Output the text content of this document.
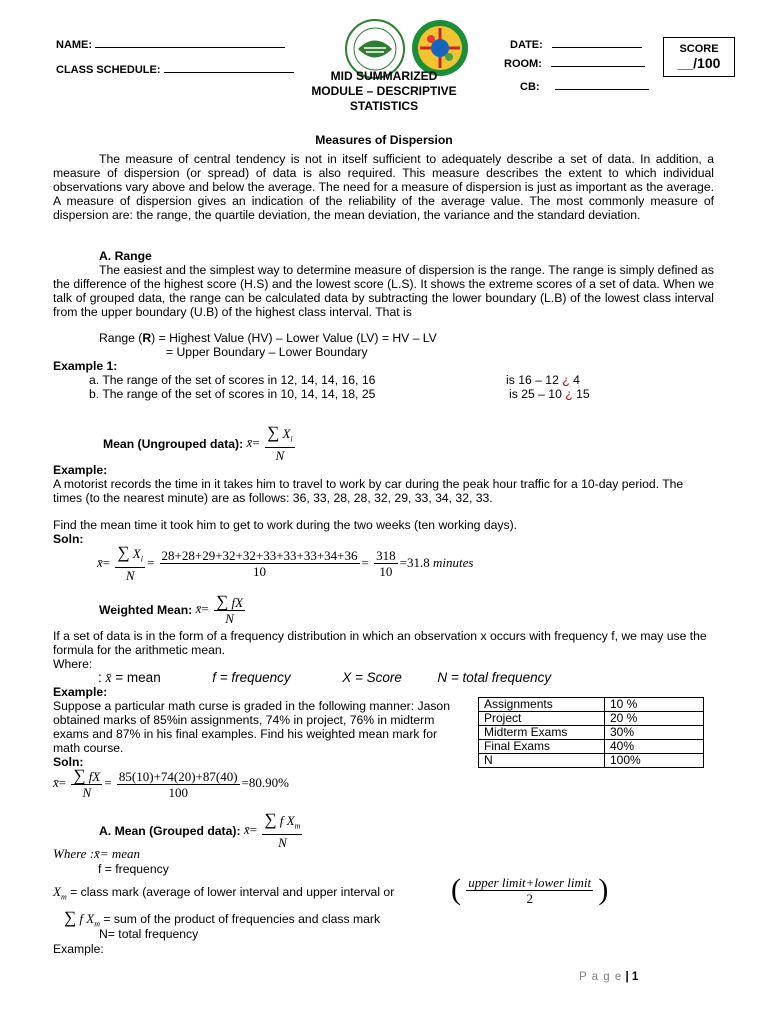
NAME:
CLASS SCHEDULE:	MID SUMMARIZED
MODULE – DESCRIPTIVE
STATISTICS
DATE:
ROOM:
CB:
SCORE
__/100
Measures of Dispersion
The measure of central tendency is not in itself sufficient to adequately describe a set of data. In addition, a measure of dispersion (or spread) of data is also required. This measure describes the extent to which individual observations vary above and below the average. The need for a measure of dispersion is just as important as the average. A measure of dispersion gives an indication of the reliability of the average value. The most commonly measure of dispersion are: the range, the quartile deviation, the mean deviation, the variance and the standard deviation.
A. Range
The easiest and the simplest way to determine measure of dispersion is the range. The range is simply defined as the difference of the highest score (H.S) and the lowest score (L.S). It shows the extreme scores of a set of data. When we talk of grouped data, the range can be calculated data by subtracting the lower boundary (L.B) of the lowest class interval from the upper boundary (U.B) of the highest class interval. That is
Range (R) = Highest Value (HV) – Lower Value (LV) = HV – LV
= Upper Boundary – Lower Boundary
Example 1:
a. The range of the set of scores in 12, 14, 14, 16, 16	is 16 – 12 ¿ 4
b. The range of the set of scores in 10, 14, 14, 18, 25	is 25 – 10 ¿ 15
Mean (Ungrouped data): x̄= $\frac{\sum X_i}{N}$
Example:
A motorist records the time in it takes him to travel to work by car during the peak hour traffic for a 10-day period. The times (to the nearest minute) are as follows: 36, 33, 28, 28, 32, 29, 33, 34, 32, 33.
Find the mean time it took him to get to work during the two weeks (ten working days).
Soln:
x̄= $\frac{\sum X_i}{N} = \frac{28+28+29+32+32+33+33+33+34+36}{10} = \frac{318}{10} =31.8$ minutes
Weighted Mean: x̄= $\frac{\sum fX}{N}$
If a set of data is in the form of a frequency distribution in which an observation x occurs with frequency f, we may use the formula for the arithmetic mean.
Where:
: x̄ = mean	f = frequency	X = Score	N = total frequency
Example:
Suppose a particular math curse is graded in the following manner: Jason obtained marks of 85%in assignments, 74% in project, 76% in midterm exams and 87% in his final examples. Find his weighted mean mark for math course.
Assignments	10 %
Project	20 %
Midterm Exams	30%
Final Exams	40%
N	100%
Soln:
x̄= $\frac{\sum fX}{N} = \frac{85(10)+74(20)+87(40)}{100} =80.90\%$
A. Mean (Grouped data): x̄= $\frac{\sum f X_m}{N}$
Where :x̄= mean
f = frequency
$X_m$ = class mark (average of lower interval and upper interval or ( $\frac{\text{upper limit+lower limit}}{2}$ )
∑ f $X_m$ = sum of the product of frequencies and class mark
N= total frequency
Example:
P a g e | 1
